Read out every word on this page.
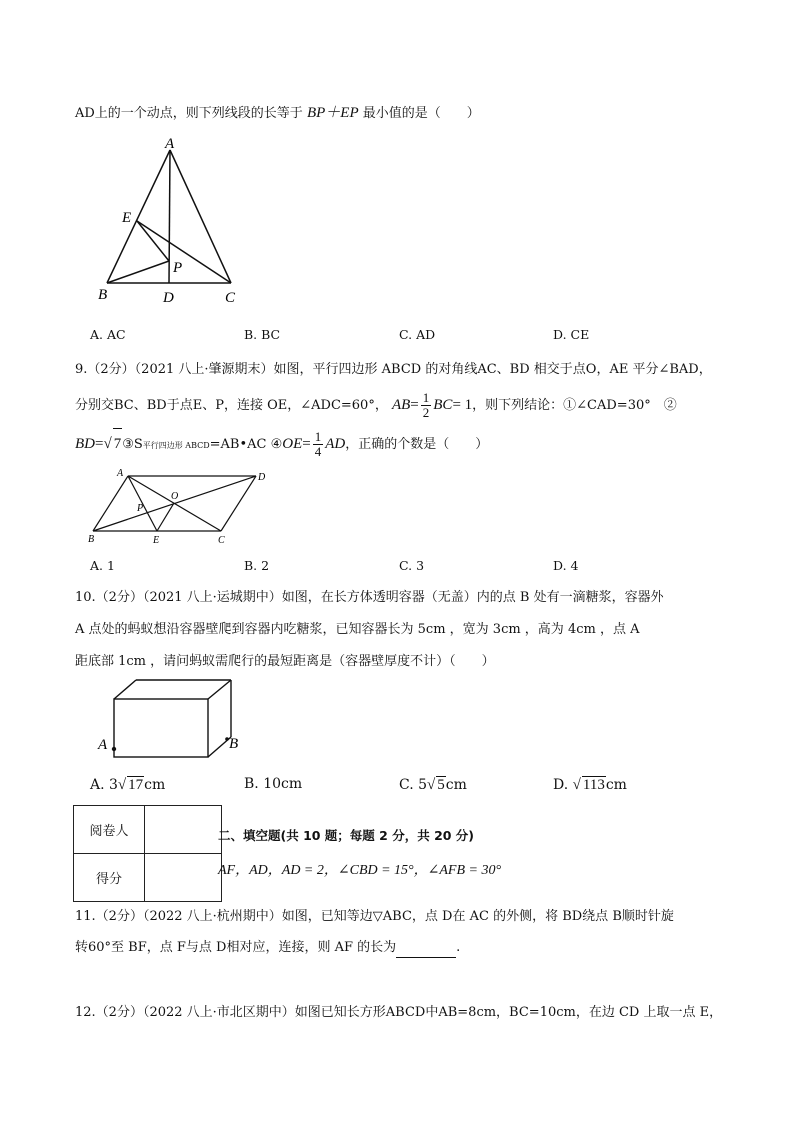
AD上的一个动点，则下列线段的长等于 BP＋EP 最小值的是（　　）
A
E
P
B	D	C
A. AC	B. BC	C. AD	D. CE
9.（2分）（2021 八上·肇源期末）如图，平行四边形 ABCD 的对角线AC、BD 相交于点O，AE 平分∠BAD，
分别交BC、BD于点E、P，连接 OE，∠ADC=60°， $AB= \frac{1}{2} BC= 1$，则下列结论：①∠CAD=30°　②
BD=√ 7③S平行四边形 ABCD=AB•AC ④OE= $\frac{1}{4}$ AD，正确的个数是（　　）
A	D
O
P
B	E	C
A. 1	B. 2	C. 3	D. 4
10.（2分）（2021 八上·运城期中）如图，在长方体透明容器（无盖）内的点 B 处有一滴糖浆，容器外
A 点处的蚂蚁想沿容器壁爬到容器内吃糖浆，已知容器长为 5cm ，宽为 3cm ，高为 4cm ，点 A
距底部 1cm ，请问蚂蚁需爬行的最短距离是（容器壁厚度不计）（　　）
A	B
A. 3√ 17cm	B. 10cm	C. 5√ 5cm	D. √ 113cm
阅卷人	
得分	
二、填空题(共 10 题；每题 2 分，共 20 分)
AF，AD，AD = 2，∠CBD = 15°，∠AFB = 30°
11.（2分）（2022 八上·杭州期中）如图，已知等边▽ABC，点 D在 AC 的外侧，将 BD绕点 B顺时针旋
转60°至 BF，点 F与点 D相对应，连接，则 AF 的长为	.
12.（2分）（2022 八上·市北区期中）如图已知长方形ABCD中AB=8cm，BC=10cm，在边 CD 上取一点 E，
